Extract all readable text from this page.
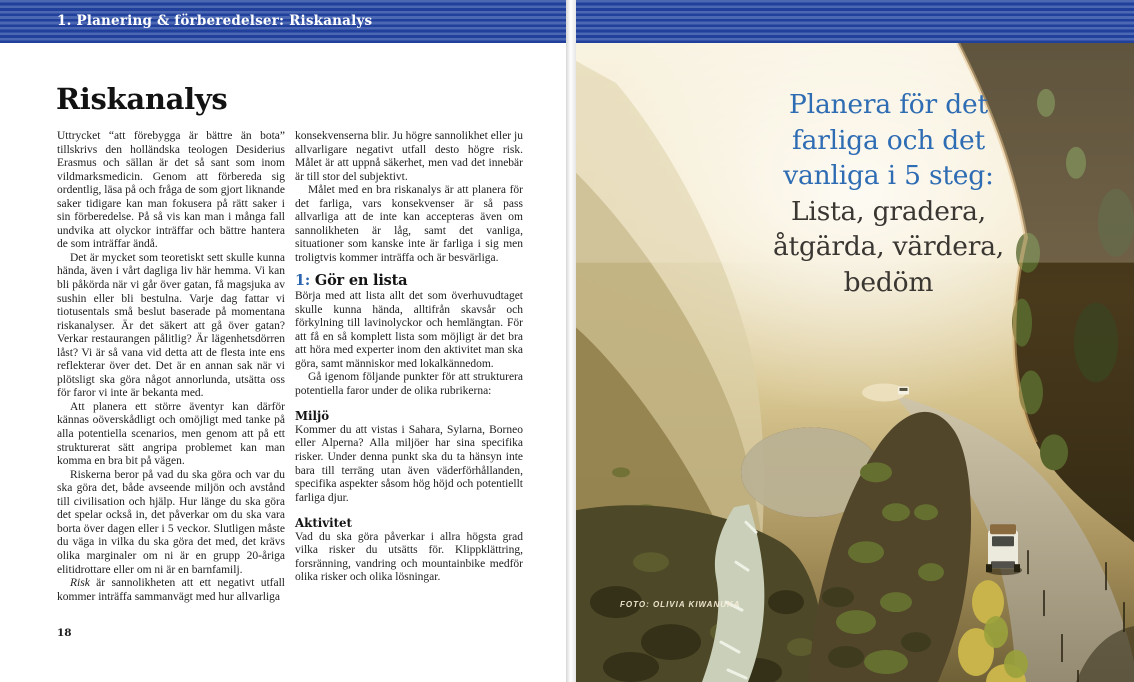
1. Planering & förberedelser: Riskanalys
Riskanalys

Uttrycket “att förebygga är bättre än bota” tillskrivs den holländska teologen Desiderius Erasmus och sällan är det så sant som inom vildmarksmedicin. Genom att förbereda sig ordentlig, läsa på och fråga de som gjort liknande saker tidigare kan man fokusera på rätt saker i sin förberedelse. På så vis kan man i många fall undvika att olyckor inträffar och bättre hantera de som inträffar ändå.

Det är mycket som teoretiskt sett skulle kunna hända, även i vårt dagliga liv här hemma. Vi kan bli påkörda när vi går över gatan, få magsjuka av sushin eller bli bestulna. Varje dag fattar vi tiotusentals små beslut baserade på momentana riskanalyser. Är det säkert att gå över gatan? Verkar restaurangen pålitlig? Är lägenhetsdörren låst? Vi är så vana vid detta att de flesta inte ens reflekterar över det. Det är en annan sak när vi plötsligt ska göra något annorlunda, utsätta oss för faror vi inte är bekanta med.

Att planera ett större äventyr kan därför kännas oöverskådligt och omöjligt med tanke på alla potentiella scenarios, men genom att på ett strukturerat sätt angripa problemet kan man komma en bra bit på vägen.

Riskerna beror på vad du ska göra och var du ska göra det, både avseende miljön och avstånd till civilisation och hjälp. Hur länge du ska göra det spelar också in, det påverkar om du ska vara borta över dagen eller i 5 veckor. Slutligen måste du väga in vilka du ska göra det med, det krävs olika marginaler om ni är en grupp 20-åriga elitidrottare eller om ni är en barnfamilj.

Risk är sannolikheten att ett negativt utfall kommer inträffa sammanvägt med hur allvarliga

konsekvenserna blir. Ju högre sannolikhet eller ju allvarligare negativt utfall desto högre risk. Målet är att uppnå säkerhet, men vad det innebär är till stor del subjektivt.

Målet med en bra riskanalys är att planera för det farliga, vars konsekvenser är så pass allvarliga att de inte kan accepteras även om sannolikheten är låg, samt det vanliga, situationer som kanske inte är farliga i sig men troligtvis kommer inträffa och är besvärliga.

1: Gör en lista

Börja med att lista allt det som överhuvudtaget skulle kunna hända, alltifrån skavsår och förkylning till lavinolyckor och hemlängtan. För att få en så komplett lista som möjligt är det bra att höra med experter inom den aktivitet man ska göra, samt människor med lokalkännedom.

Gå igenom följande punkter för att strukturera potentiella faror under de olika rubrikerna:

Miljö

Kommer du att vistas i Sahara, Sylarna, Borneo eller Alperna? Alla miljöer har sina specifika risker. Under denna punkt ska du ta hänsyn inte bara till terräng utan även väderförhållanden, specifika aspekter såsom hög höjd och potentiellt farliga djur.

Aktivitet

Vad du ska göra påverkar i allra högsta grad vilka risker du utsätts för. Klippklättring, forsränning, vandring och mountainbike medför olika risker och olika lösningar.

18
Planera för det
farliga och det
vanliga i 5 steg:
Lista, gradera,
åtgärda, värdera,
bedöm
FOTO: OLIVIA KIWANUKA
